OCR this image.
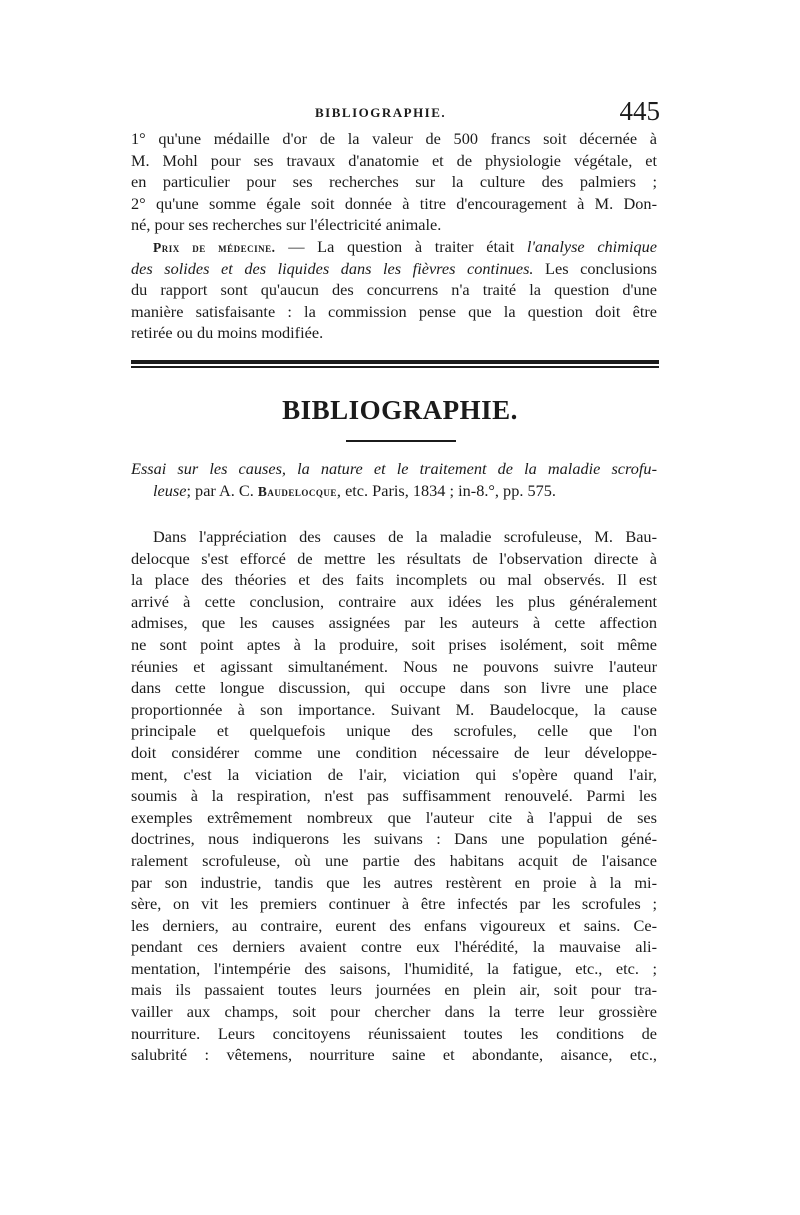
BIBLIOGRAPHIE.	445
1° qu'une médaille d'or de la valeur de 500 francs soit décernée à
M. Mohl pour ses travaux d'anatomie et de physiologie végétale, et
en particulier pour ses recherches sur la culture des palmiers ;
2° qu'une somme égale soit donnée à titre d'encouragement à M. Don-
né, pour ses recherches sur l'électricité animale.
Prix de médecine. — La question à traiter était l'analyse chimique
des solides et des liquides dans les fièvres continues. Les conclusions
du rapport sont qu'aucun des concurrens n'a traité la question d'une
manière satisfaisante : la commission pense que la question doit être
retirée ou du moins modifiée.
BIBLIOGRAPHIE.
Essai sur les causes, la nature et le traitement de la maladie scrofu-
leuse; par A. C. Baudelocque, etc. Paris, 1834 ; in-8.°, pp. 575.
Dans l'appréciation des causes de la maladie scrofuleuse, M. Bau-
delocque s'est efforcé de mettre les résultats de l'observation directe à
la place des théories et des faits incomplets ou mal observés. Il est
arrivé à cette conclusion, contraire aux idées les plus généralement
admises, que les causes assignées par les auteurs à cette affection
ne sont point aptes à la produire, soit prises isolément, soit même
réunies et agissant simultanément. Nous ne pouvons suivre l'auteur
dans cette longue discussion, qui occupe dans son livre une place
proportionnée à son importance. Suivant M. Baudelocque, la cause
principale et quelquefois unique des scrofules, celle que l'on
doit considérer comme une condition nécessaire de leur développe-
ment, c'est la viciation de l'air, viciation qui s'opère quand l'air,
soumis à la respiration, n'est pas suffisamment renouvelé. Parmi les
exemples extrêmement nombreux que l'auteur cite à l'appui de ses
doctrines, nous indiquerons les suivans : Dans une population géné-
ralement scrofuleuse, où une partie des habitans acquit de l'aisance
par son industrie, tandis que les autres restèrent en proie à la mi-
sère, on vit les premiers continuer à être infectés par les scrofules ;
les derniers, au contraire, eurent des enfans vigoureux et sains. Ce-
pendant ces derniers avaient contre eux l'hérédité, la mauvaise ali-
mentation, l'intempérie des saisons, l'humidité, la fatigue, etc., etc. ;
mais ils passaient toutes leurs journées en plein air, soit pour tra-
vailler aux champs, soit pour chercher dans la terre leur grossière
nourriture. Leurs concitoyens réunissaient toutes les conditions de
salubrité : vêtemens, nourriture saine et abondante, aisance, etc.,
